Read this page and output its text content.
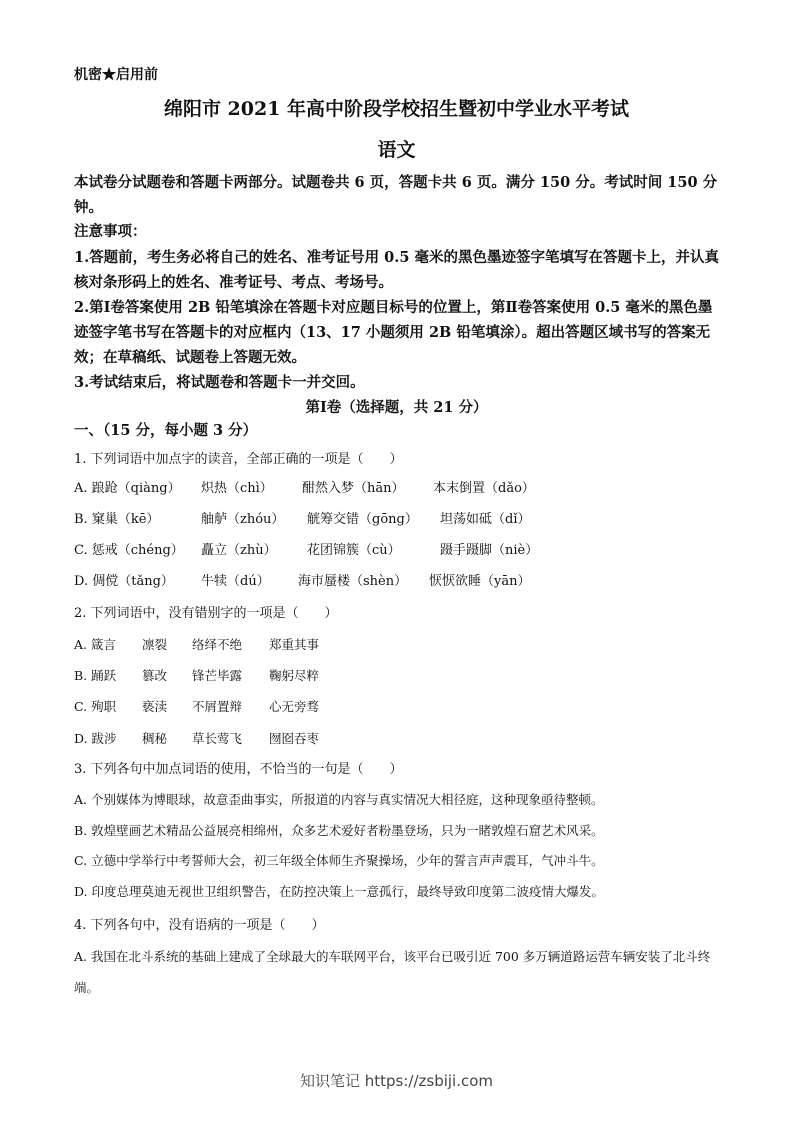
机密★启用前
绵阳市 2021 年高中阶段学校招生暨初中学业水平考试
语文
本试卷分试题卷和答题卡两部分。试题卷共 6 页，答题卡共 6 页。满分 150 分。考试时间 150 分钟。
注意事项：
1.答题前，考生务必将自己的姓名、准考证号用 0.5 毫米的黑色墨迹签字笔填写在答题卡上，并认真核对条形码上的姓名、准考证号、考点、考场号。
2.第Ⅰ卷答案使用 2B 铅笔填涂在答题卡对应题目标号的位置上，第Ⅱ卷答案使用 0.5 毫米的黑色墨迹签字笔书写在答题卡的对应框内（13、17 小题须用 2B 铅笔填涂）。超出答题区域书写的答案无效；在草稿纸、试题卷上答题无效。
3.考试结束后，将试题卷和答题卡一并交回。
第Ⅰ卷（选择题，共 21 分）
一、（15 分，每小题 3 分）
1. 下列词语中加点字的读音，全部正确的一项是（　　）
A. 踉跄（qiàng） 炽热（chì） 酣然入梦（hān） 本末倒置（dǎo）
B. 窠巢（kē）	舳舻（zhóu） 觥筹交错（gōng） 坦荡如砥（dǐ）
C. 惩戒（chéng） 矗立（zhù） 花团锦簇（cù）	蹑手蹑脚（niè）
D. 倜傥（tǎng） 牛犊（dú） 海市蜃楼（shèn） 恹恹欲睡（yān）
2. 下列词语中，没有错别字的一项是（　　）
A. 箴言 凛裂 络绎不绝 郑重其事
B. 踊跃 篡改 锋芒毕露 鞠躬尽粹
C. 殉职 亵渎 不屑置辩 心无旁骛
D. 跋涉 稠秘 草长莺飞 囫囵吞枣
3. 下列各句中加点词语的使用，不恰当的一句是（　　）
A. 个别媒体为博眼球，故意歪曲事实，所报道的内容与真实情况大相径庭，这种现象亟待整顿。
B. 敦煌壁画艺术精品公益展亮相绵州，众多艺术爱好者粉墨登场，只为一睹敦煌石窟艺术风采。
C. 立德中学举行中考誓师大会，初三年级全体师生齐聚操场，少年的誓言声声震耳，气冲斗牛。
D. 印度总理莫迪无视世卫组织警告，在防控决策上一意孤行，最终导致印度第二波疫情大爆发。
4. 下列各句中，没有语病的一项是（　　）
A. 我国在北斗系统的基础上建成了全球最大的车联网平台，该平台已吸引近 700 多万辆道路运营车辆安装了北斗终端。
知识笔记 https://zsbiji.com
